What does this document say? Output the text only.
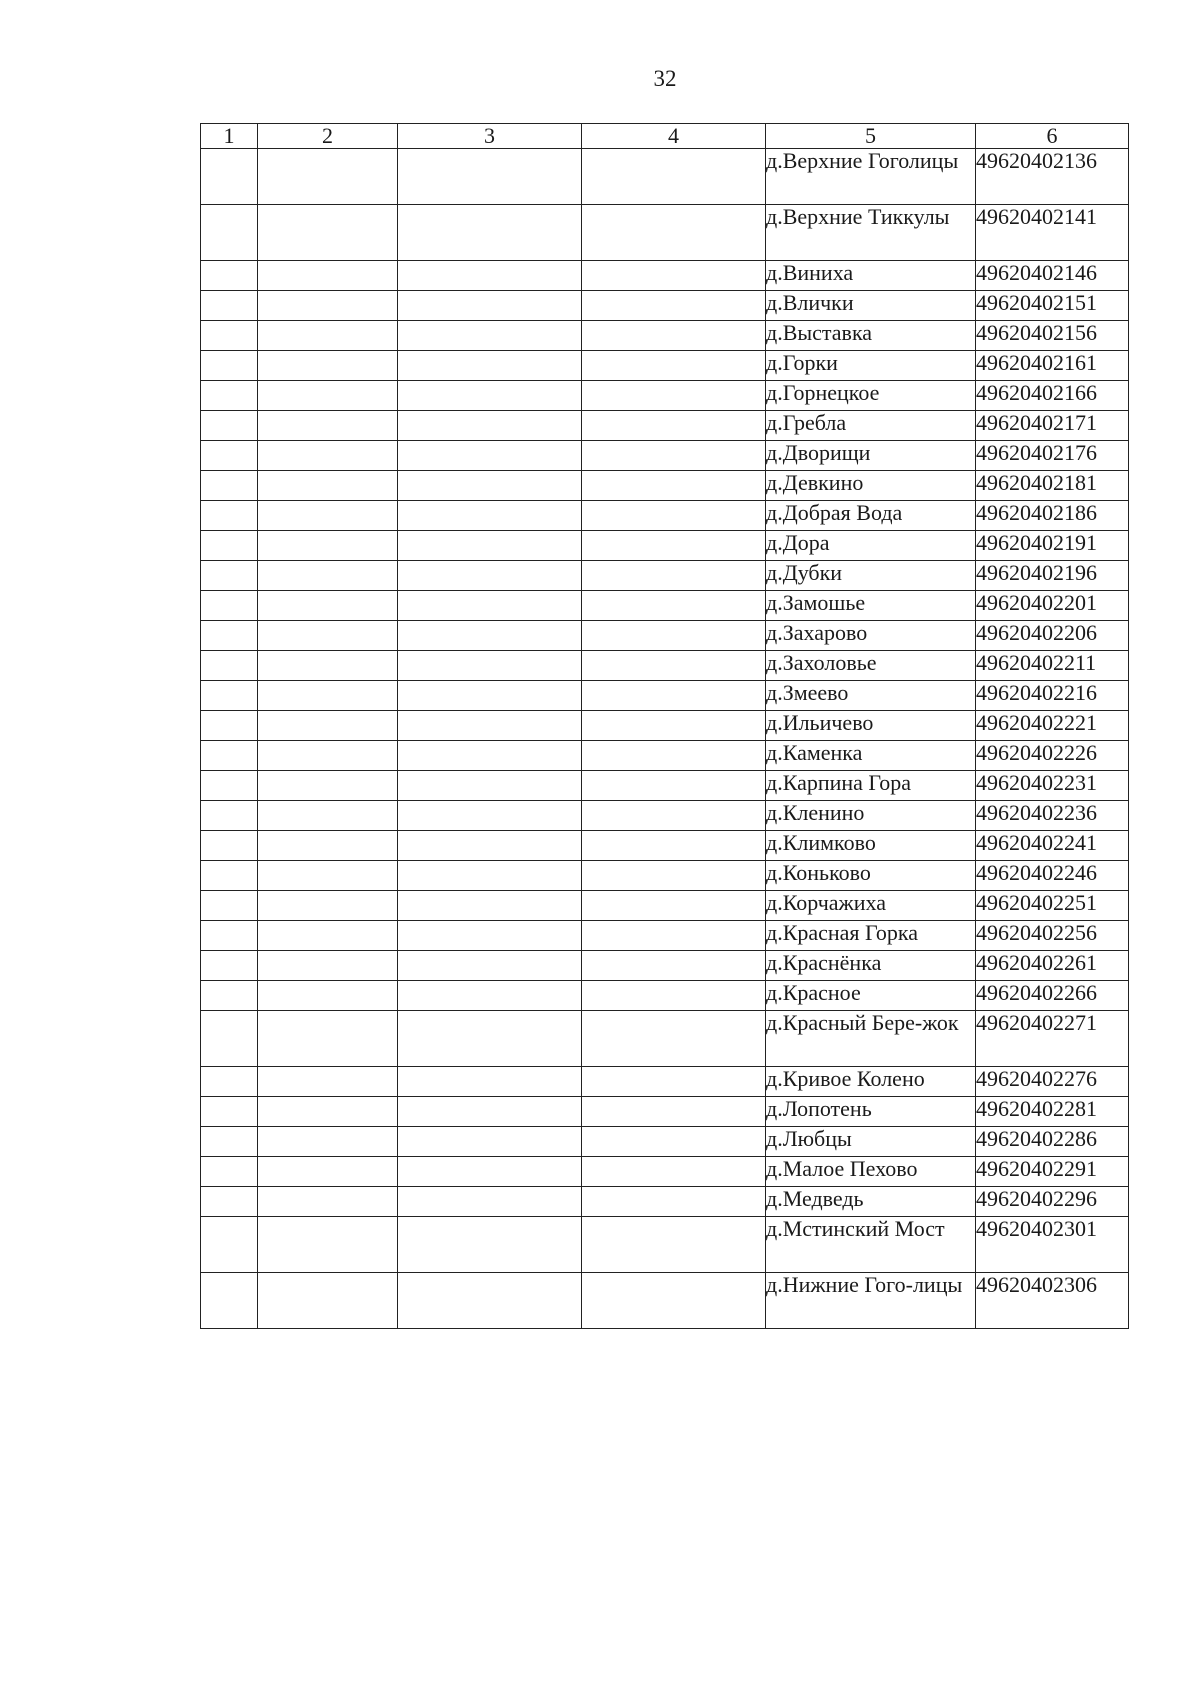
32
1	2	3	4	5	6
				д.Верхние Гоголицы	49620402136
				д.Верхние Тиккулы	49620402141
				д.Виниха	49620402146
				д.Влички	49620402151
				д.Выставка	49620402156
				д.Горки	49620402161
				д.Горнецкое	49620402166
				д.Гребла	49620402171
				д.Дворищи	49620402176
				д.Девкино	49620402181
				д.Добрая Вода	49620402186
				д.Дора	49620402191
				д.Дубки	49620402196
				д.Замошье	49620402201
				д.Захарово	49620402206
				д.Захоловье	49620402211
				д.Змеево	49620402216
				д.Ильичево	49620402221
				д.Каменка	49620402226
				д.Карпина Гора	49620402231
				д.Кленино	49620402236
				д.Климково	49620402241
				д.Коньково	49620402246
				д.Корчажиха	49620402251
				д.Красная Горка	49620402256
				д.Краснёнка	49620402261
				д.Красное	49620402266
				д.Красный Бере-жок	49620402271
				д.Кривое Колено	49620402276
				д.Лопотень	49620402281
				д.Любцы	49620402286
				д.Малое Пехово	49620402291
				д.Медведь	49620402296
				д.Мстинский Мост	49620402301
				д.Нижние Гого-лицы	49620402306
